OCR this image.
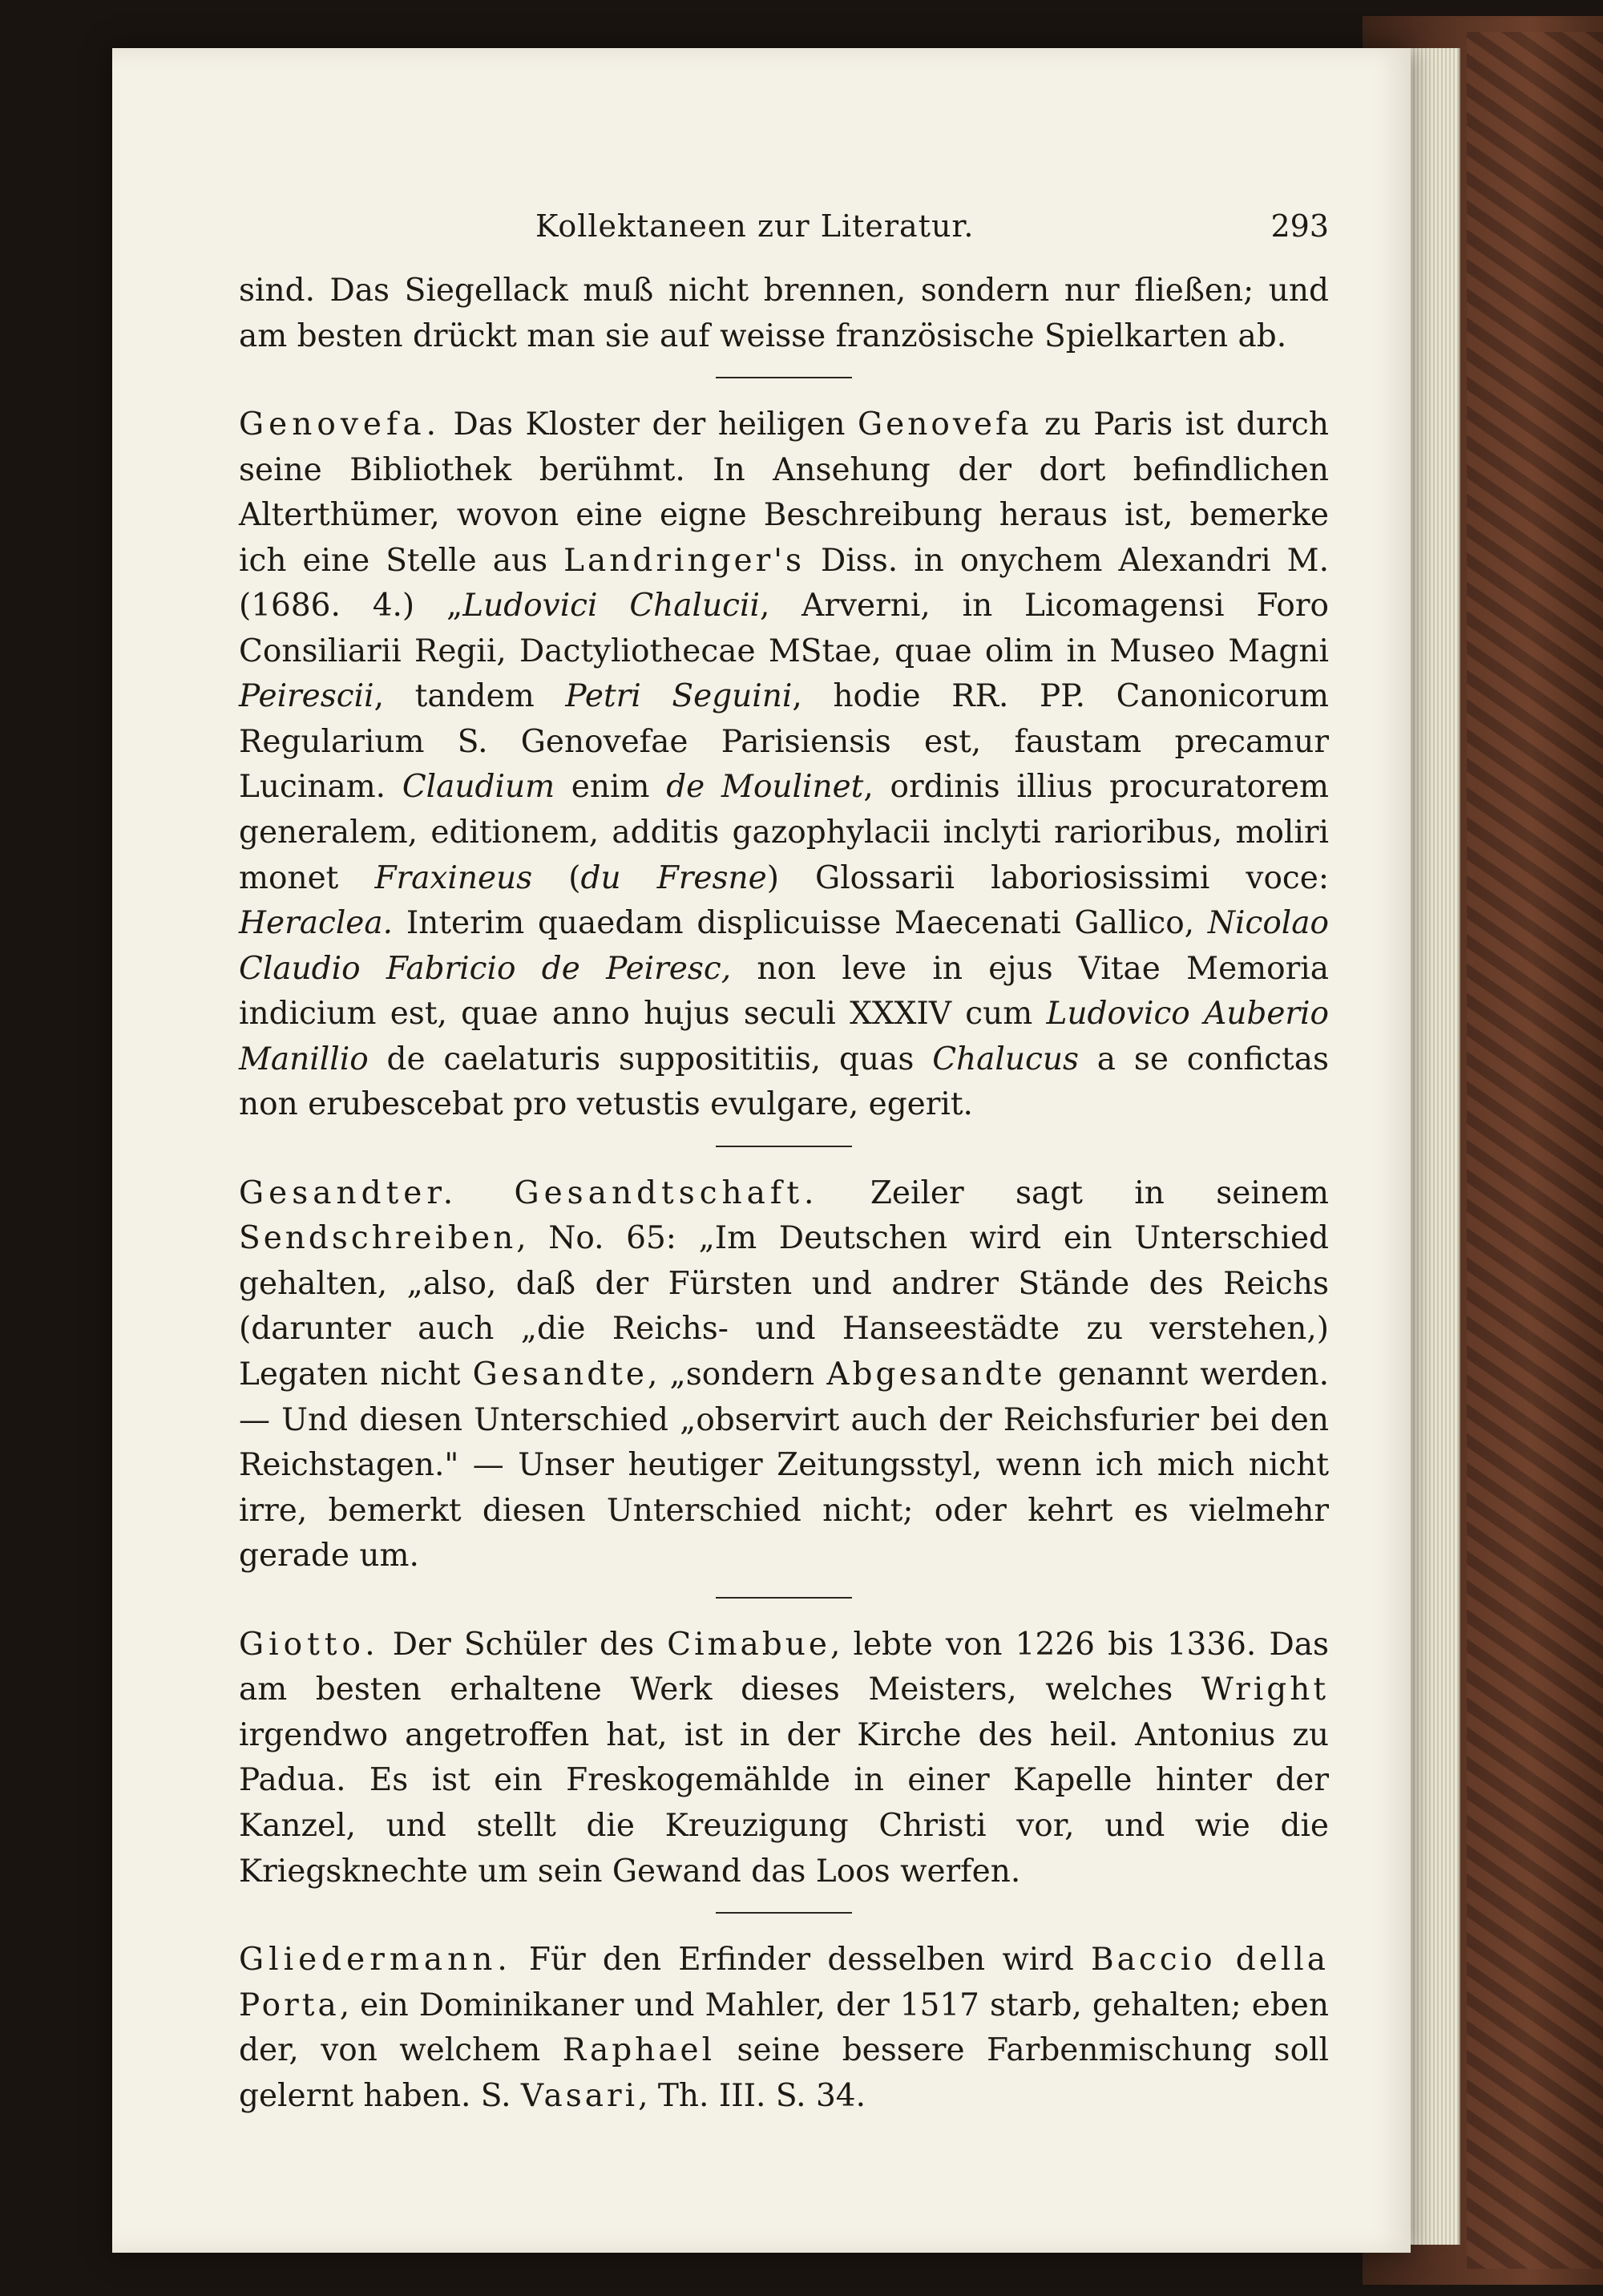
Kollektaneen zur Literatur.	293

sind. Das Siegellack muß nicht brennen, sondern nur fließen; und am besten drückt man sie auf weisse französische Spielkarten ab.

Genovefa. Das Kloster der heiligen Genovefa zu Paris ist durch seine Bibliothek berühmt. In Ansehung der dort befindlichen Alterthümer, wovon eine eigne Beschreibung heraus ist, bemerke ich eine Stelle aus Landringer's Diss. in onychem Alexandri M. (1686. 4.) „Ludovici Chalucii, Arverni, in Licomagensi Foro Consiliarii Regii, Dactyliothecae MStae, quae olim in Museo Magni Peirescii, tandem Petri Seguini, hodie RR. PP. Canonicorum Regularium S. Genovefae Parisiensis est, faustam precamur Lucinam. Claudium enim de Moulinet, ordinis illius procuratorem generalem, editionem, additis gazophylacii inclyti rarioribus, moliri monet Fraxineus (du Fresne) Glossarii laboriosissimi voce: Heraclea. Interim quaedam displicuisse Maecenati Gallico, Nicolao Claudio Fabricio de Peiresc, non leve in ejus Vitae Memoria indicium est, quae anno hujus seculi XXXIV cum Ludovico Auberio Manillio de caelaturis supposititiis, quas Chalucus a se confictas non erubescebat pro vetustis evulgare, egerit.

Gesandter. Gesandtschaft. Zeiler sagt in seinem Sendschreiben, No. 65: „Im Deutschen wird ein Unterschied gehalten, „also, daß der Fürsten und andrer Stände des Reichs (darunter auch „die Reichs- und Hanseestädte zu verstehen,) Legaten nicht Gesandte, „sondern Abgesandte genannt werden. — Und diesen Unterschied „observirt auch der Reichsfurier bei den Reichstagen." — Unser heutiger Zeitungsstyl, wenn ich mich nicht irre, bemerkt diesen Unterschied nicht; oder kehrt es vielmehr gerade um.

Giotto. Der Schüler des Cimabue, lebte von 1226 bis 1336. Das am besten erhaltene Werk dieses Meisters, welches Wright irgendwo angetroffen hat, ist in der Kirche des heil. Antonius zu Padua. Es ist ein Freskogemählde in einer Kapelle hinter der Kanzel, und stellt die Kreuzigung Christi vor, und wie die Kriegsknechte um sein Gewand das Loos werfen.

Gliedermann. Für den Erfinder desselben wird Baccio della Porta, ein Dominikaner und Mahler, der 1517 starb, gehalten; eben der, von welchem Raphael seine bessere Farbenmischung soll gelernt haben. S. Vasari, Th. III. S. 34.
